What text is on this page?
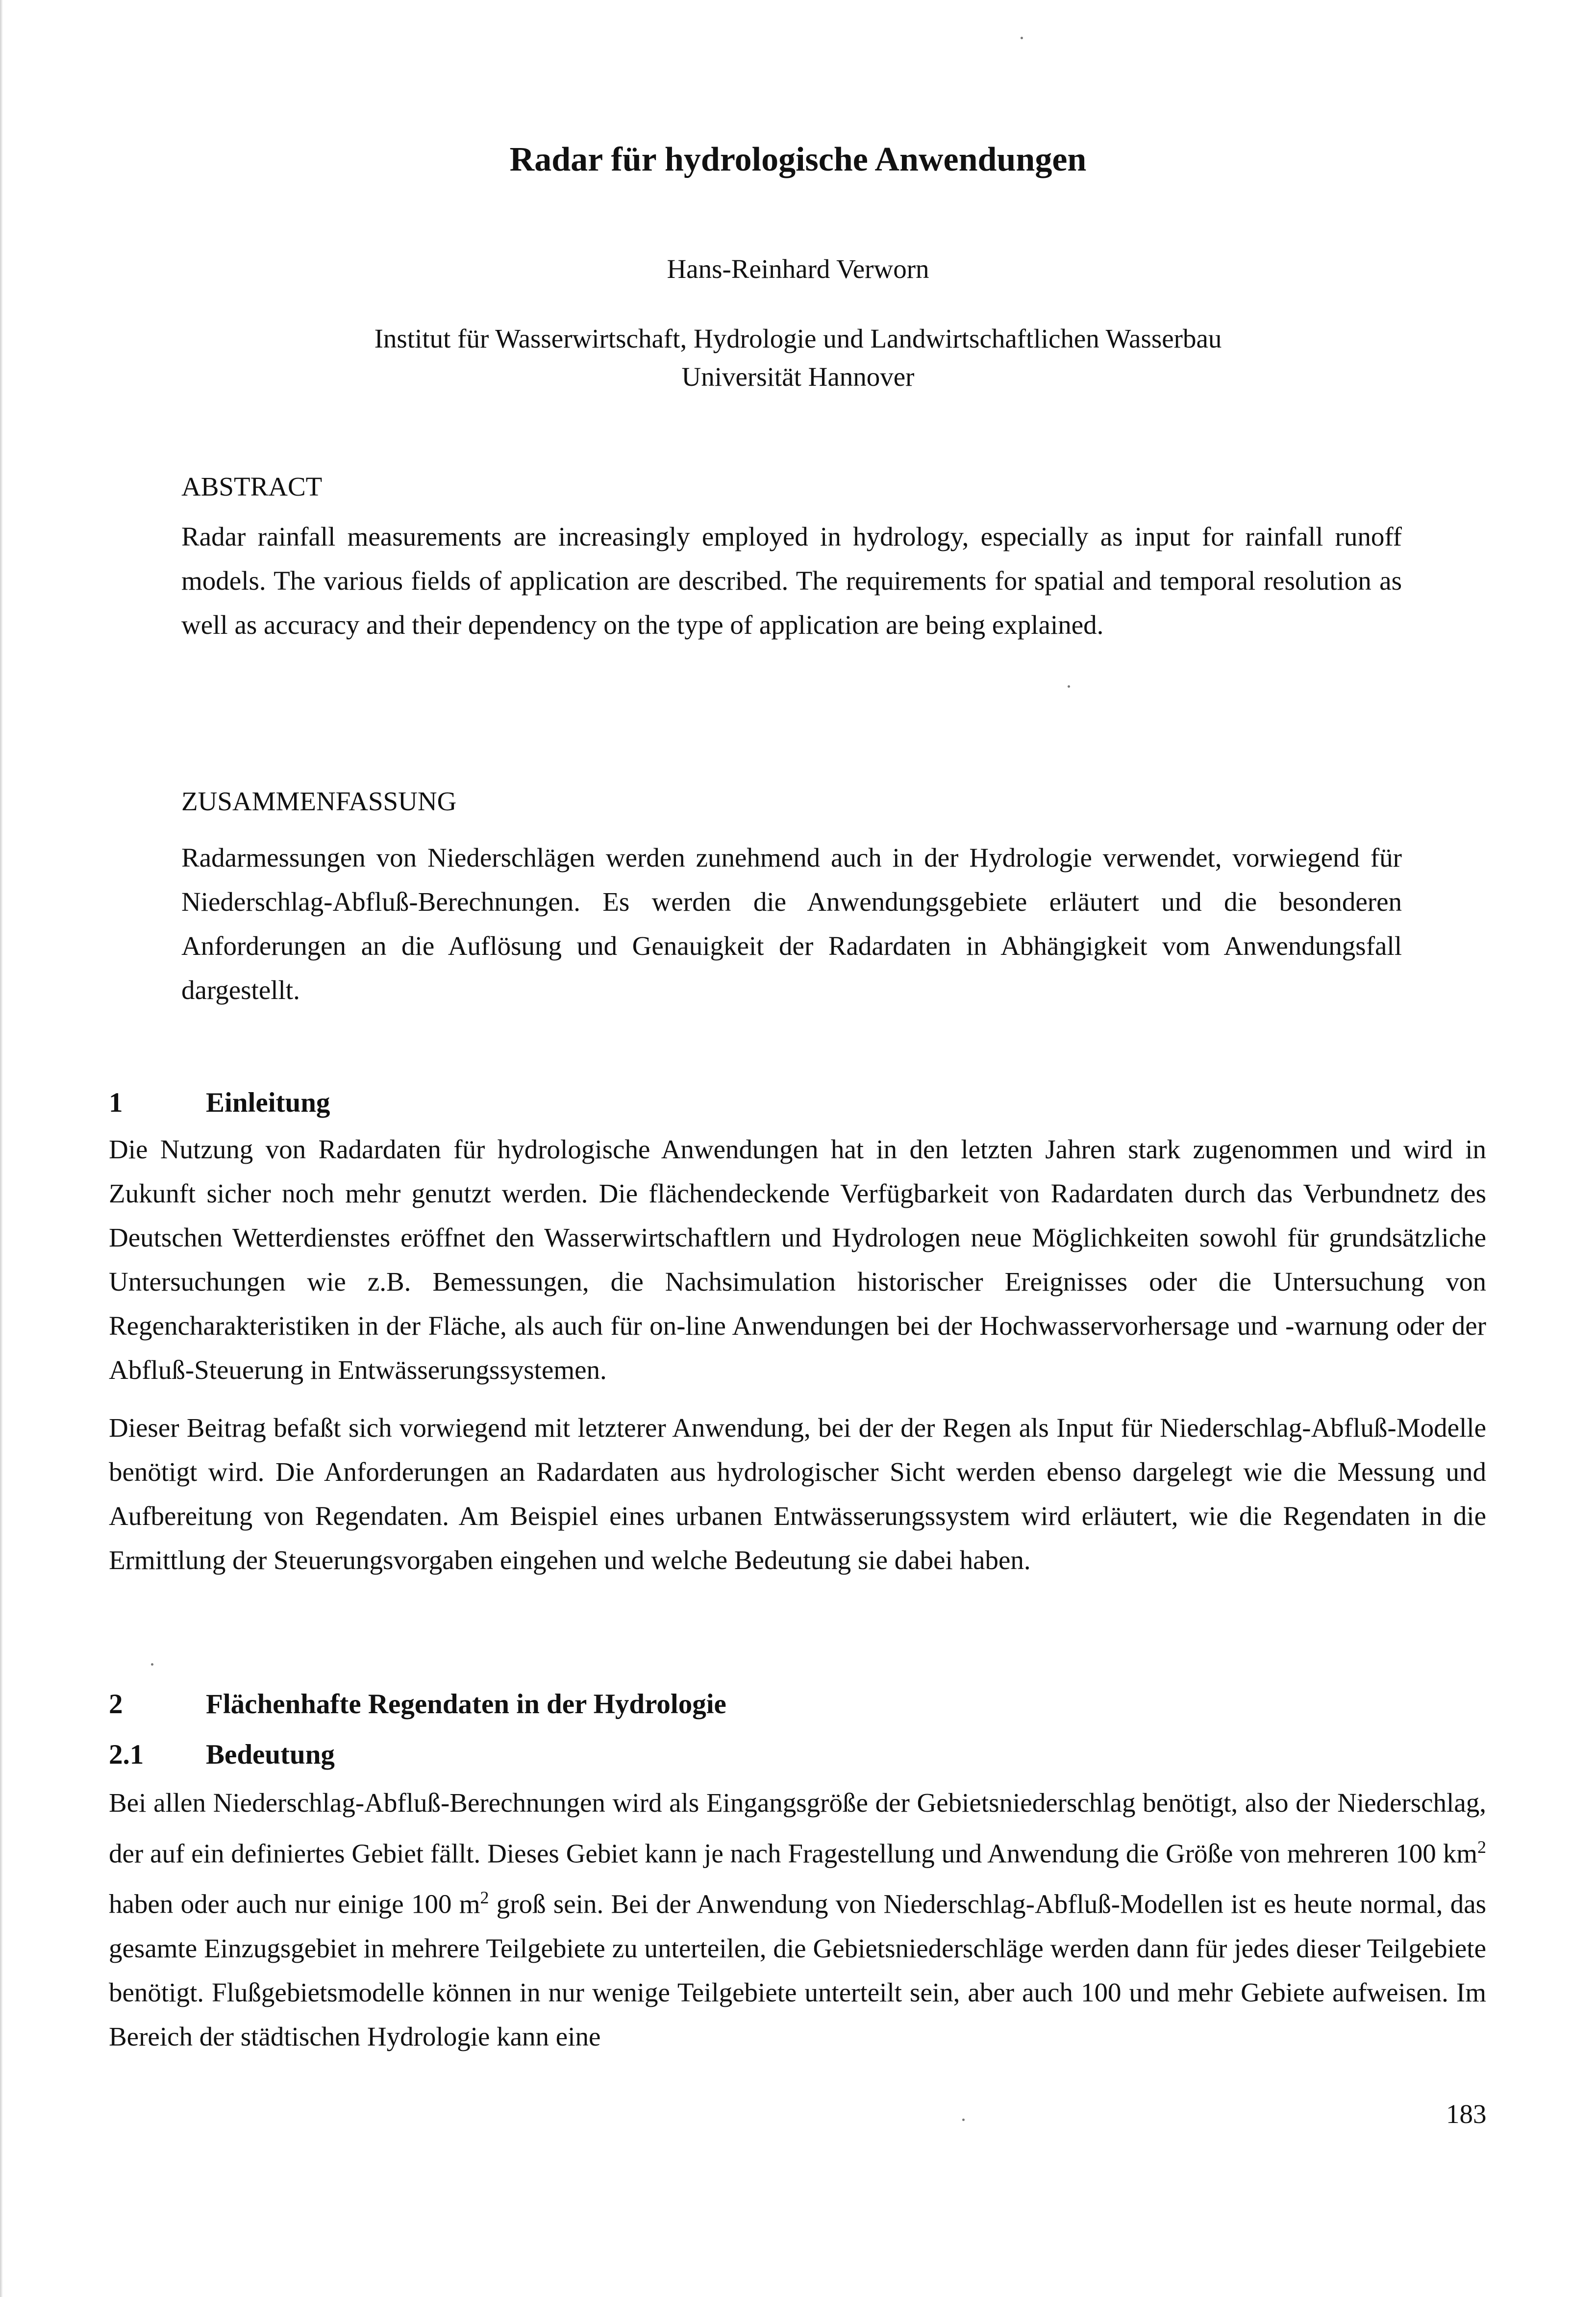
Radar für hydrologische Anwendungen
Hans-Reinhard Verworn
Institut für Wasserwirtschaft, Hydrologie und Landwirtschaftlichen Wasserbau
Universität Hannover
ABSTRACT
Radar rainfall measurements are increasingly employed in hydrology, especially as input for rainfall runoff models. The various fields of application are described. The requirements for spatial and temporal resolution as well as accuracy and their dependency on the type of application are being explained.
ZUSAMMENFASSUNG
Radarmessungen von Niederschlägen werden zunehmend auch in der Hydrologie verwendet, vorwiegend für Niederschlag-Abfluß-Berechnungen. Es werden die Anwendungsgebiete erläutert und die besonderen Anforderungen an die Auflösung und Genauigkeit der Radardaten in Abhängigkeit vom Anwendungsfall dargestellt.
1	Einleitung
Die Nutzung von Radardaten für hydrologische Anwendungen hat in den letzten Jahren stark zugenommen und wird in Zukunft sicher noch mehr genutzt werden. Die flächendeckende Verfügbarkeit von Radardaten durch das Verbundnetz des Deutschen Wetterdienstes eröffnet den Wasserwirtschaftlern und Hydrologen neue Möglichkeiten sowohl für grundsätzliche Untersuchungen wie z.B. Bemessungen, die Nachsimulation historischer Ereignisses oder die Untersuchung von Regencharakteristiken in der Fläche, als auch für on-line Anwendungen bei der Hochwasservorhersage und -warnung oder der Abfluß-Steuerung in Entwässerungssystemen.
Dieser Beitrag befaßt sich vorwiegend mit letzterer Anwendung, bei der der Regen als Input für Niederschlag-Abfluß-Modelle benötigt wird. Die Anforderungen an Radardaten aus hydrologischer Sicht werden ebenso dargelegt wie die Messung und Aufbereitung von Regendaten. Am Beispiel eines urbanen Entwässerungssystem wird erläutert, wie die Regendaten in die Ermittlung der Steuerungsvorgaben eingehen und welche Bedeutung sie dabei haben.
2	Flächenhafte Regendaten in der Hydrologie
2.1 Bedeutung
Bei allen Niederschlag-Abfluß-Berechnungen wird als Eingangsgröße der Gebietsniederschlag benötigt, also der Niederschlag, der auf ein definiertes Gebiet fällt. Dieses Gebiet kann je nach Fragestellung und Anwendung die Größe von mehreren 100 $km^2$ haben oder auch nur einige 100 $m^2$ groß sein. Bei der Anwendung von Niederschlag-Abfluß-Modellen ist es heute normal, das gesamte Einzugsgebiet in mehrere Teilgebiete zu unterteilen, die Gebietsniederschläge werden dann für jedes dieser Teilgebiete benötigt. Flußgebietsmodelle können in nur wenige Teilgebiete unterteilt sein, aber auch 100 und mehr Gebiete aufweisen. Im Bereich der städtischen Hydrologie kann eine
183
